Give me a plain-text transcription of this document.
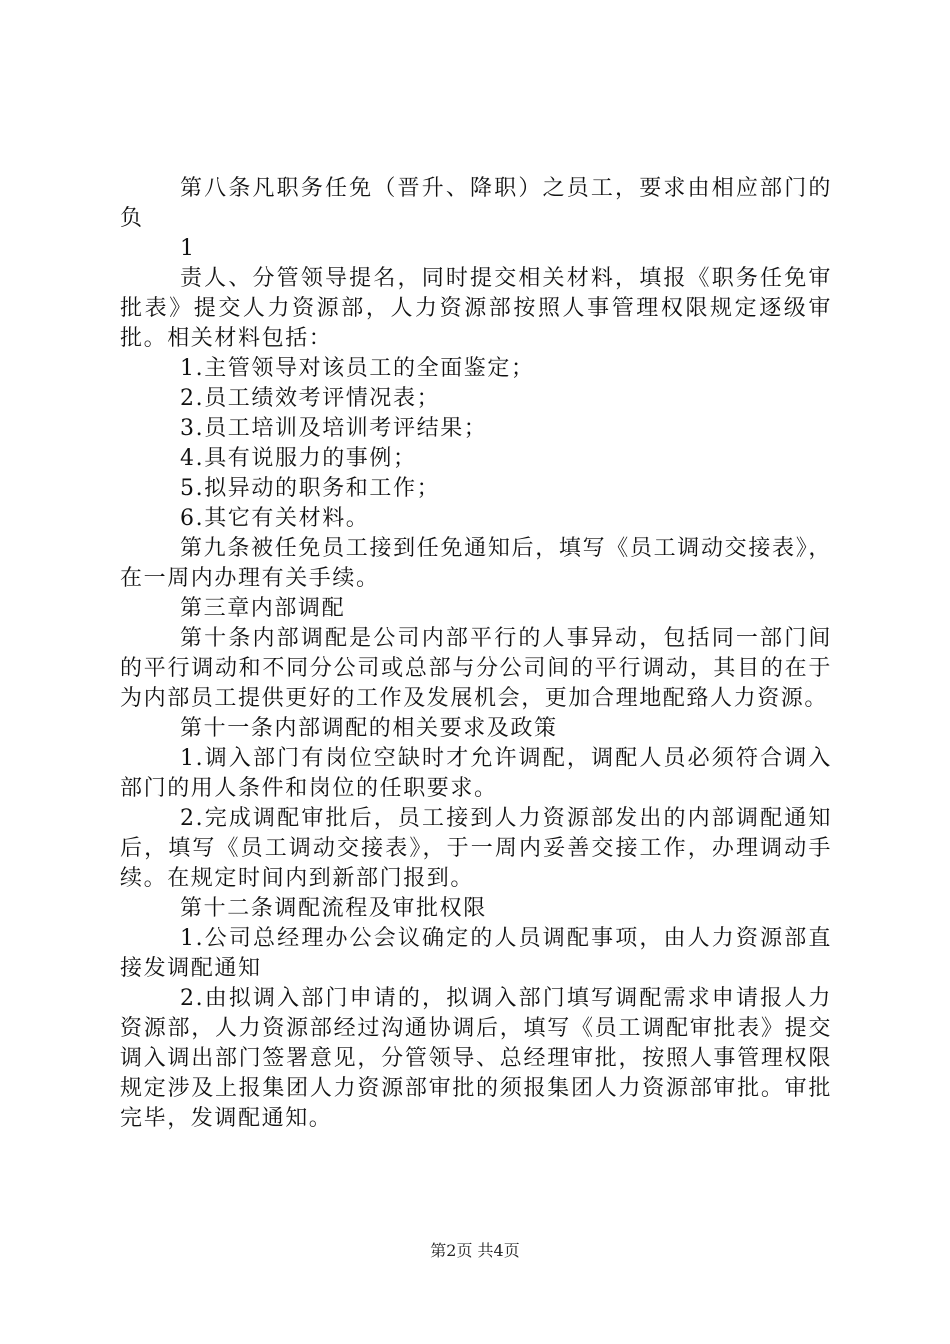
第八条凡职务任免（晋升、降职）之员工，要求由相应部门的负

1

责人、分管领导提名，同时提交相关材料，填报《职务任免审批表》提交人力资源部，人力资源部按照人事管理权限规定逐级审批。相关材料包括：

1.主管领导对该员工的全面鉴定；

2.员工绩效考评情况表；

3.员工培训及培训考评结果；

4.具有说服力的事例；

5.拟异动的职务和工作；

6.其它有关材料。

第九条被任免员工接到任免通知后，填写《员工调动交接表》，在一周内办理有关手续。

第三章内部调配

第十条内部调配是公司内部平行的人事异动，包括同一部门间的平行调动和不同分公司或总部与分公司间的平行调动，其目的在于为内部员工提供更好的工作及发展机会，更加合理地配臵人力资源。

第十一条内部调配的相关要求及政策

1.调入部门有岗位空缺时才允许调配，调配人员必须符合调入部门的用人条件和岗位的任职要求。

2.完成调配审批后，员工接到人力资源部发出的内部调配通知后，填写《员工调动交接表》，于一周内妥善交接工作，办理调动手续。在规定时间内到新部门报到。

第十二条调配流程及审批权限

1.公司总经理办公会议确定的人员调配事项，由人力资源部直接发调配通知

2.由拟调入部门申请的，拟调入部门填写调配需求申请报人力资源部，人力资源部经过沟通协调后，填写《员工调配审批表》提交调入调出部门签署意见，分管领导、总经理审批，按照人事管理权限规定涉及上报集团人力资源部审批的须报集团人力资源部审批。审批完毕，发调配通知。

第2页 共4页
